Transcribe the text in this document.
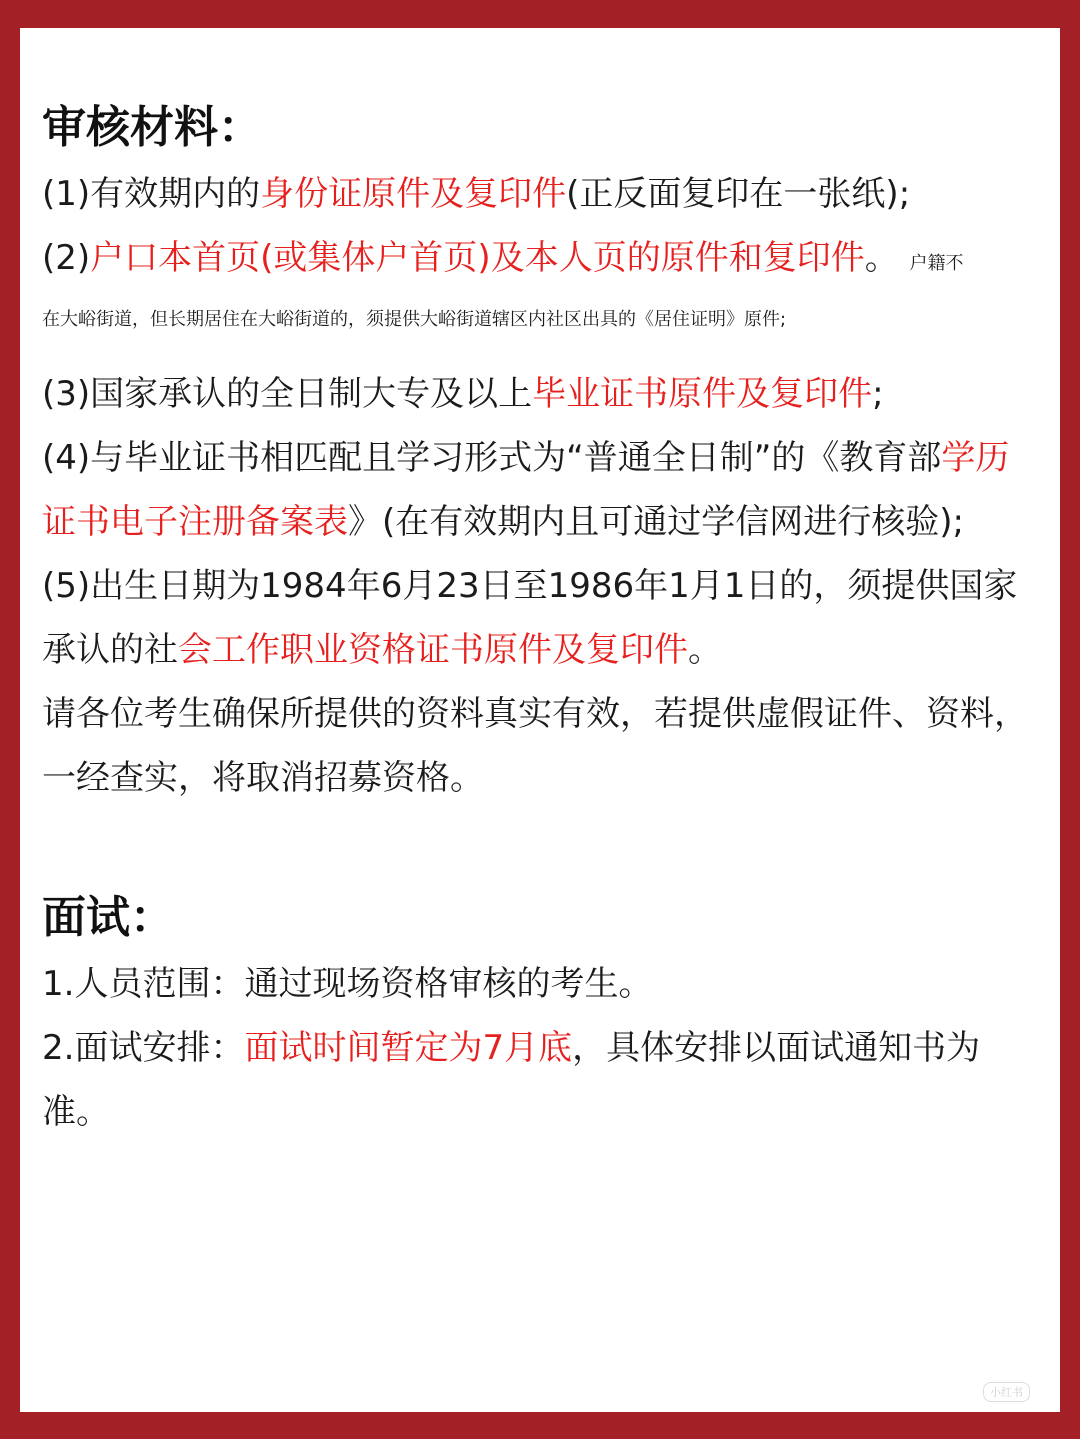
审核材料：

(1)有效期内的身份证原件及复印件(正反面复印在一张纸);

(2)户口本首页(或集体户首页)及本人页的原件和复印件。 户籍不

在大峪街道，但长期居住在大峪街道的，须提供大峪街道辖区内社区出具的《居住证明》原件;

(3)国家承认的全日制大专及以上毕业证书原件及复印件;

(4)与毕业证书相匹配且学习形式为“普通全日制”的《教育部学历证书电子注册备案表》(在有效期内且可通过学信网进行核验);

(5)出生日期为1984年6月23日至1986年1月1日的，须提供国家承认的社会工作职业资格证书原件及复印件。

请各位考生确保所提供的资料真实有效，若提供虚假证件、资料，一经查实，将取消招募资格。

面试：

1.人员范围：通过现场资格审核的考生。

2.面试安排：面试时间暂定为7月底，具体安排以面试通知书为准。

小红书
